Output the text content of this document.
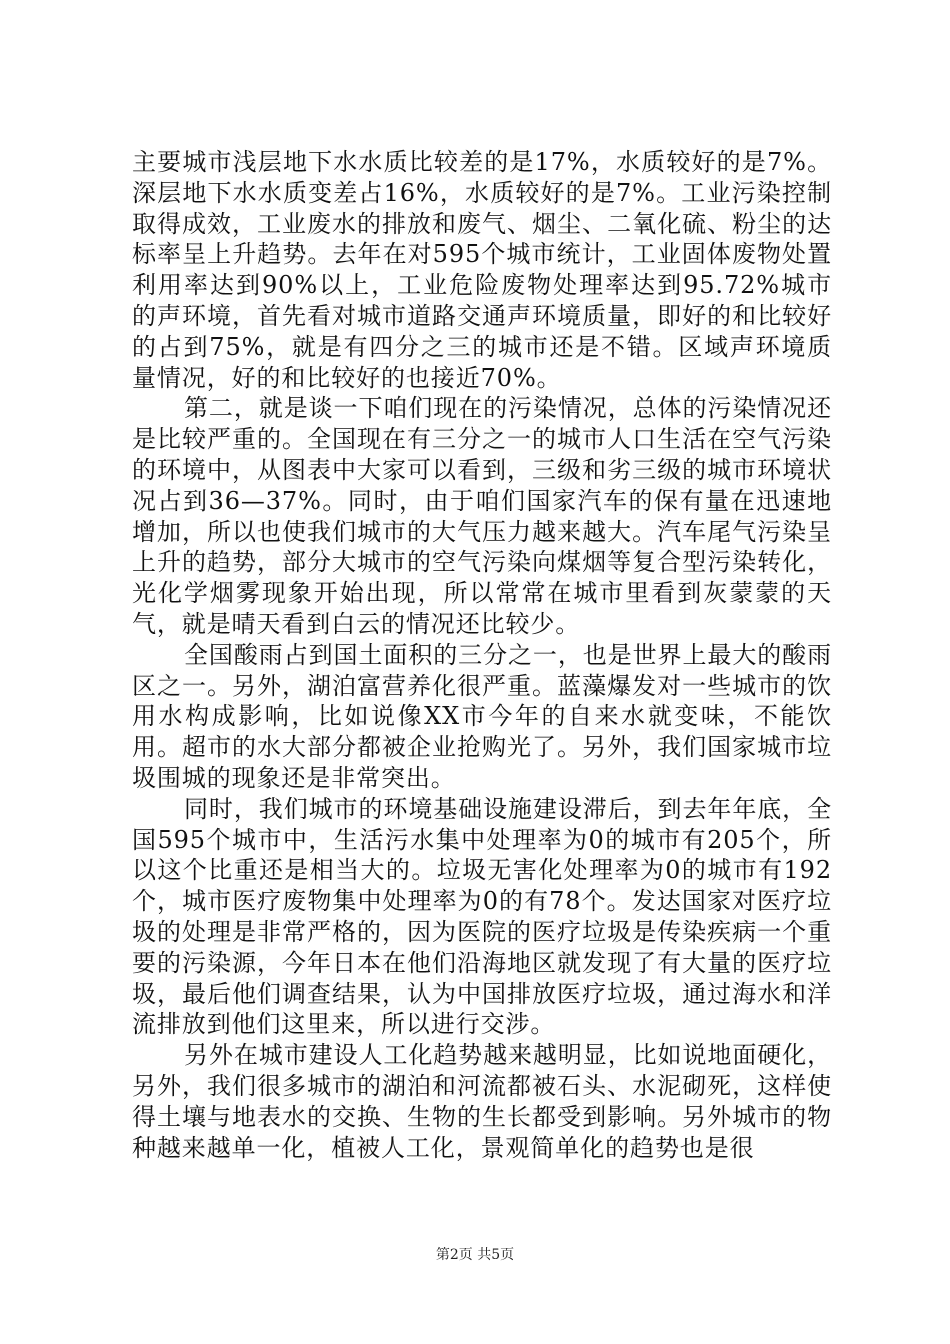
主要城市浅层地下水水质比较差的是17%，水质较好的是7%。深层地下水水质变差占16%，水质较好的是7%。工业污染控制取得成效，工业废水的排放和废气、烟尘、二氧化硫、粉尘的达标率呈上升趋势。去年在对595个城市统计，工业固体废物处置利用率达到90%以上，工业危险废物处理率达到95.72%城市的声环境，首先看对城市道路交通声环境质量，即好的和比较好的占到75%，就是有四分之三的城市还是不错。区域声环境质量情况，好的和比较好的也接近70%。

第二，就是谈一下咱们现在的污染情况，总体的污染情况还是比较严重的。全国现在有三分之一的城市人口生活在空气污染的环境中，从图表中大家可以看到，三级和劣三级的城市环境状况占到36—37%。同时，由于咱们国家汽车的保有量在迅速地增加，所以也使我们城市的大气压力越来越大。汽车尾气污染呈上升的趋势，部分大城市的空气污染向煤烟等复合型污染转化，光化学烟雾现象开始出现，所以常常在城市里看到灰蒙蒙的天气，就是晴天看到白云的情况还比较少。

全国酸雨占到国土面积的三分之一，也是世界上最大的酸雨区之一。另外，湖泊富营养化很严重。蓝藻爆发对一些城市的饮用水构成影响，比如说像XX市今年的自来水就变味，不能饮用。超市的水大部分都被企业抢购光了。另外，我们国家城市垃圾围城的现象还是非常突出。

同时，我们城市的环境基础设施建设滞后，到去年年底，全国595个城市中，生活污水集中处理率为0的城市有205个，所以这个比重还是相当大的。垃圾无害化处理率为0的城市有192个，城市医疗废物集中处理率为0的有78个。发达国家对医疗垃圾的处理是非常严格的，因为医院的医疗垃圾是传染疾病一个重要的污染源，今年日本在他们沿海地区就发现了有大量的医疗垃圾，最后他们调查结果，认为中国排放医疗垃圾，通过海水和洋流排放到他们这里来，所以进行交涉。

另外在城市建设人工化趋势越来越明显，比如说地面硬化，另外，我们很多城市的湖泊和河流都被石头、水泥砌死，这样使得土壤与地表水的交换、生物的生长都受到影响。另外城市的物种越来越单一化，植被人工化，景观简单化的趋势也是很

第2页 共5页
